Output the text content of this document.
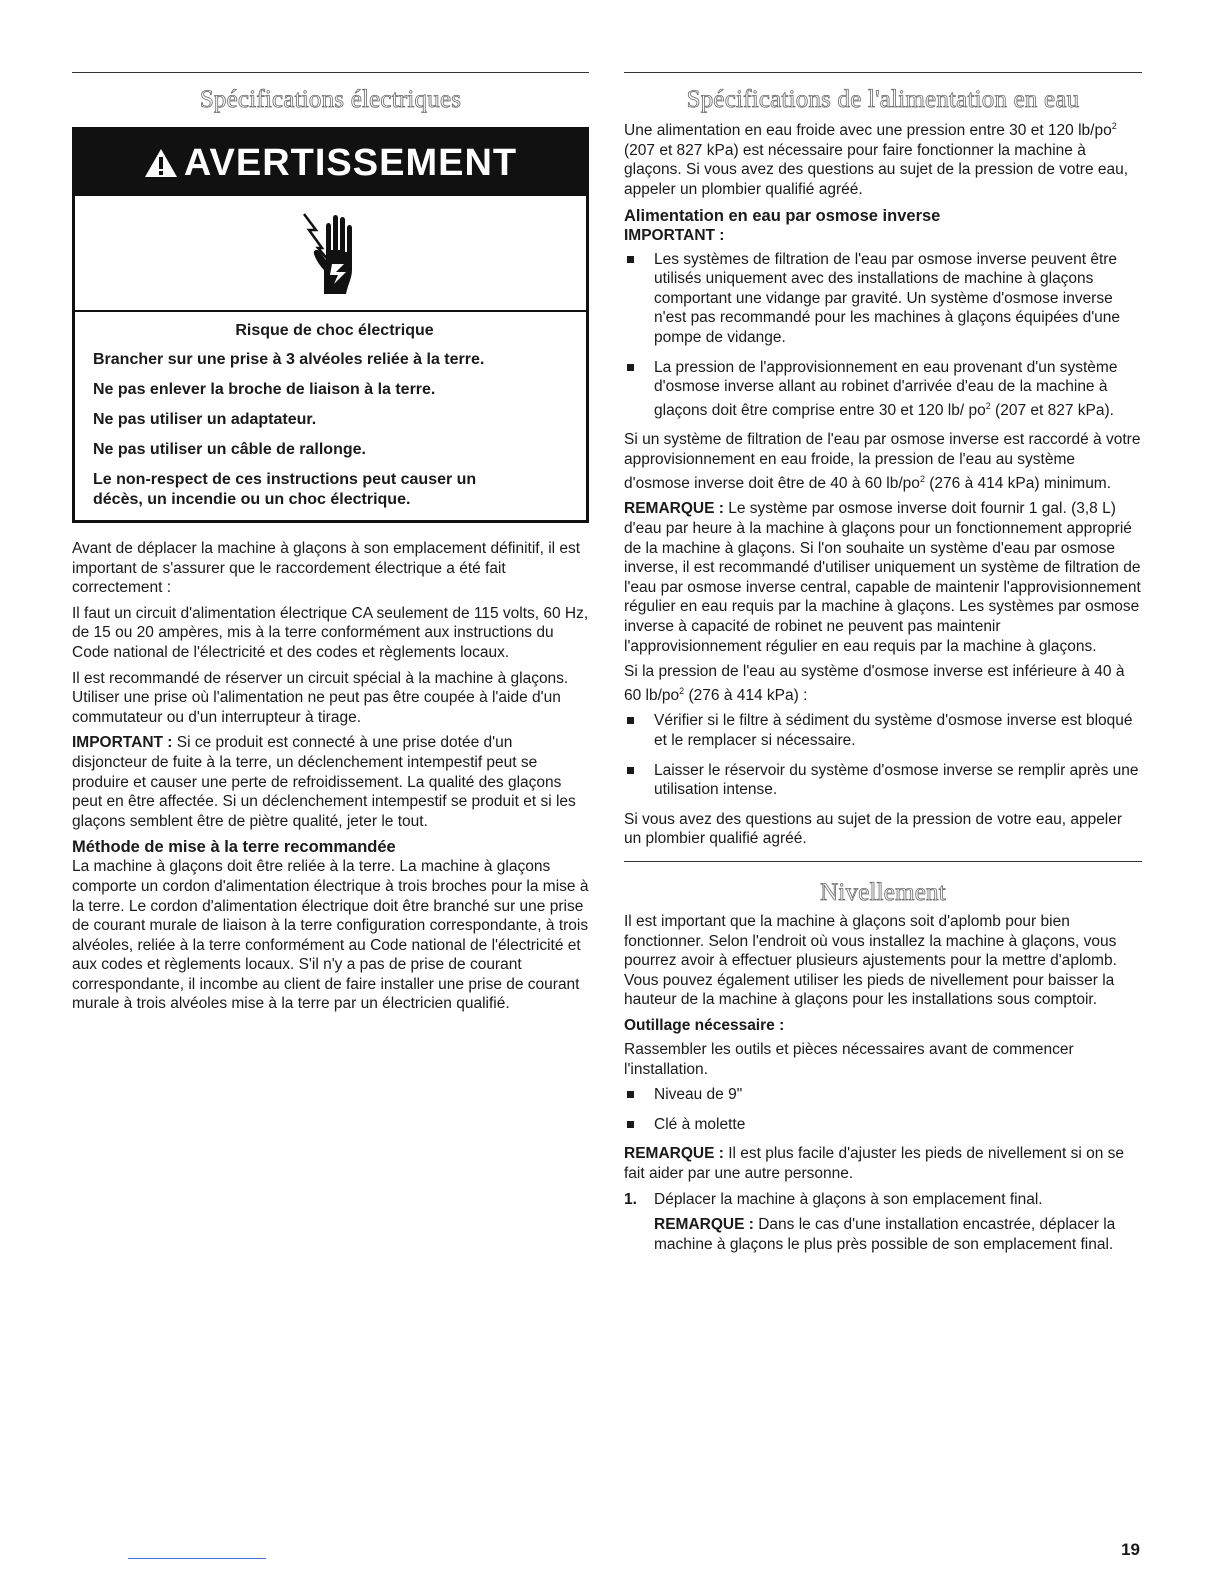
Spécifications électriques
AVERTISSEMENT
Risque de choc électrique
Brancher sur une prise à 3 alvéoles reliée à la terre.
Ne pas enlever la broche de liaison à la terre.
Ne pas utiliser un adaptateur.
Ne pas utiliser un câble de rallonge.
Le non-respect de ces instructions peut causer un décès, un incendie ou un choc électrique.

Avant de déplacer la machine à glaçons à son emplacement définitif, il est important de s'assurer que le raccordement électrique a été fait correctement :

Il faut un circuit d'alimentation électrique CA seulement de 115 volts, 60 Hz, de 15 ou 20 ampères, mis à la terre conformément aux instructions du Code national de l'électricité et des codes et règlements locaux.

Il est recommandé de réserver un circuit spécial à la machine à glaçons. Utiliser une prise où l'alimentation ne peut pas être coupée à l'aide d'un commutateur ou d'un interrupteur à tirage.

IMPORTANT : Si ce produit est connecté à une prise dotée d'un disjoncteur de fuite à la terre, un déclenchement intempestif peut se produire et causer une perte de refroidissement. La qualité des glaçons peut en être affectée. Si un déclenchement intempestif se produit et si les glaçons semblent être de piètre qualité, jeter le tout.

Méthode de mise à la terre recommandée

La machine à glaçons doit être reliée à la terre. La machine à glaçons comporte un cordon d'alimentation électrique à trois broches pour la mise à la terre. Le cordon d'alimentation électrique doit être branché sur une prise de courant murale de liaison à la terre configuration correspondante, à trois alvéoles, reliée à la terre conformément au Code national de l'électricité et aux codes et règlements locaux. S'il n'y a pas de prise de courant correspondante, il incombe au client de faire installer une prise de courant murale à trois alvéoles mise à la terre par un électricien qualifié.

Spécifications de l'alimentation en eau

Une alimentation en eau froide avec une pression entre 30 et 120 $lb/po^2$ (207 et 827 kPa) est nécessaire pour faire fonctionner la machine à glaçons. Si vous avez des questions au sujet de la pression de votre eau, appeler un plombier qualifié agréé.

Alimentation en eau par osmose inverse
IMPORTANT :
Les systèmes de filtration de l'eau par osmose inverse peuvent être utilisés uniquement avec des installations de machine à glaçons comportant une vidange par gravité. Un système d'osmose inverse n'est pas recommandé pour les machines à glaçons équipées d'une pompe de vidange.
La pression de l'approvisionnement en eau provenant d'un système d'osmose inverse allant au robinet d'arrivée d'eau de la machine à glaçons doit être comprise entre 30 et 120 lb/ $po^2$ (207 et 827 kPa).

Si un système de filtration de l'eau par osmose inverse est raccordé à votre approvisionnement en eau froide, la pression de l'eau au système d'osmose inverse doit être de 40 à 60 $lb/po^2$ (276 à 414 kPa) minimum.

REMARQUE : Le système par osmose inverse doit fournir 1 gal. (3,8 L) d'eau par heure à la machine à glaçons pour un fonctionnement approprié de la machine à glaçons. Si l'on souhaite un système d'eau par osmose inverse, il est recommandé d'utiliser uniquement un système de filtration de l'eau par osmose inverse central, capable de maintenir l'approvisionnement régulier en eau requis par la machine à glaçons. Les systèmes par osmose inverse à capacité de robinet ne peuvent pas maintenir l'approvisionnement régulier en eau requis par la machine à glaçons.

Si la pression de l'eau au système d'osmose inverse est inférieure à 40 à 60 $lb/po^2$ (276 à 414 kPa) :

Vérifier si le filtre à sédiment du système d'osmose inverse est bloqué et le remplacer si nécessaire.
Laisser le réservoir du système d'osmose inverse se remplir après une utilisation intense.

Si vous avez des questions au sujet de la pression de votre eau, appeler un plombier qualifié agréé.

Nivellement

Il est important que la machine à glaçons soit d'aplomb pour bien fonctionner. Selon l'endroit où vous installez la machine à glaçons, vous pourrez avoir à effectuer plusieurs ajustements pour la mettre d'aplomb. Vous pouvez également utiliser les pieds de nivellement pour baisser la hauteur de la machine à glaçons pour les installations sous comptoir.

Outillage nécessaire :

Rassembler les outils et pièces nécessaires avant de commencer l'installation.

Niveau de 9"
Clé à molette

REMARQUE : Il est plus facile d'ajuster les pieds de nivellement si on se fait aider par une autre personne.

1. Déplacer la machine à glaçons à son emplacement final.
REMARQUE : Dans le cas d'une installation encastrée, déplacer la machine à glaçons le plus près possible de son emplacement final.
19
